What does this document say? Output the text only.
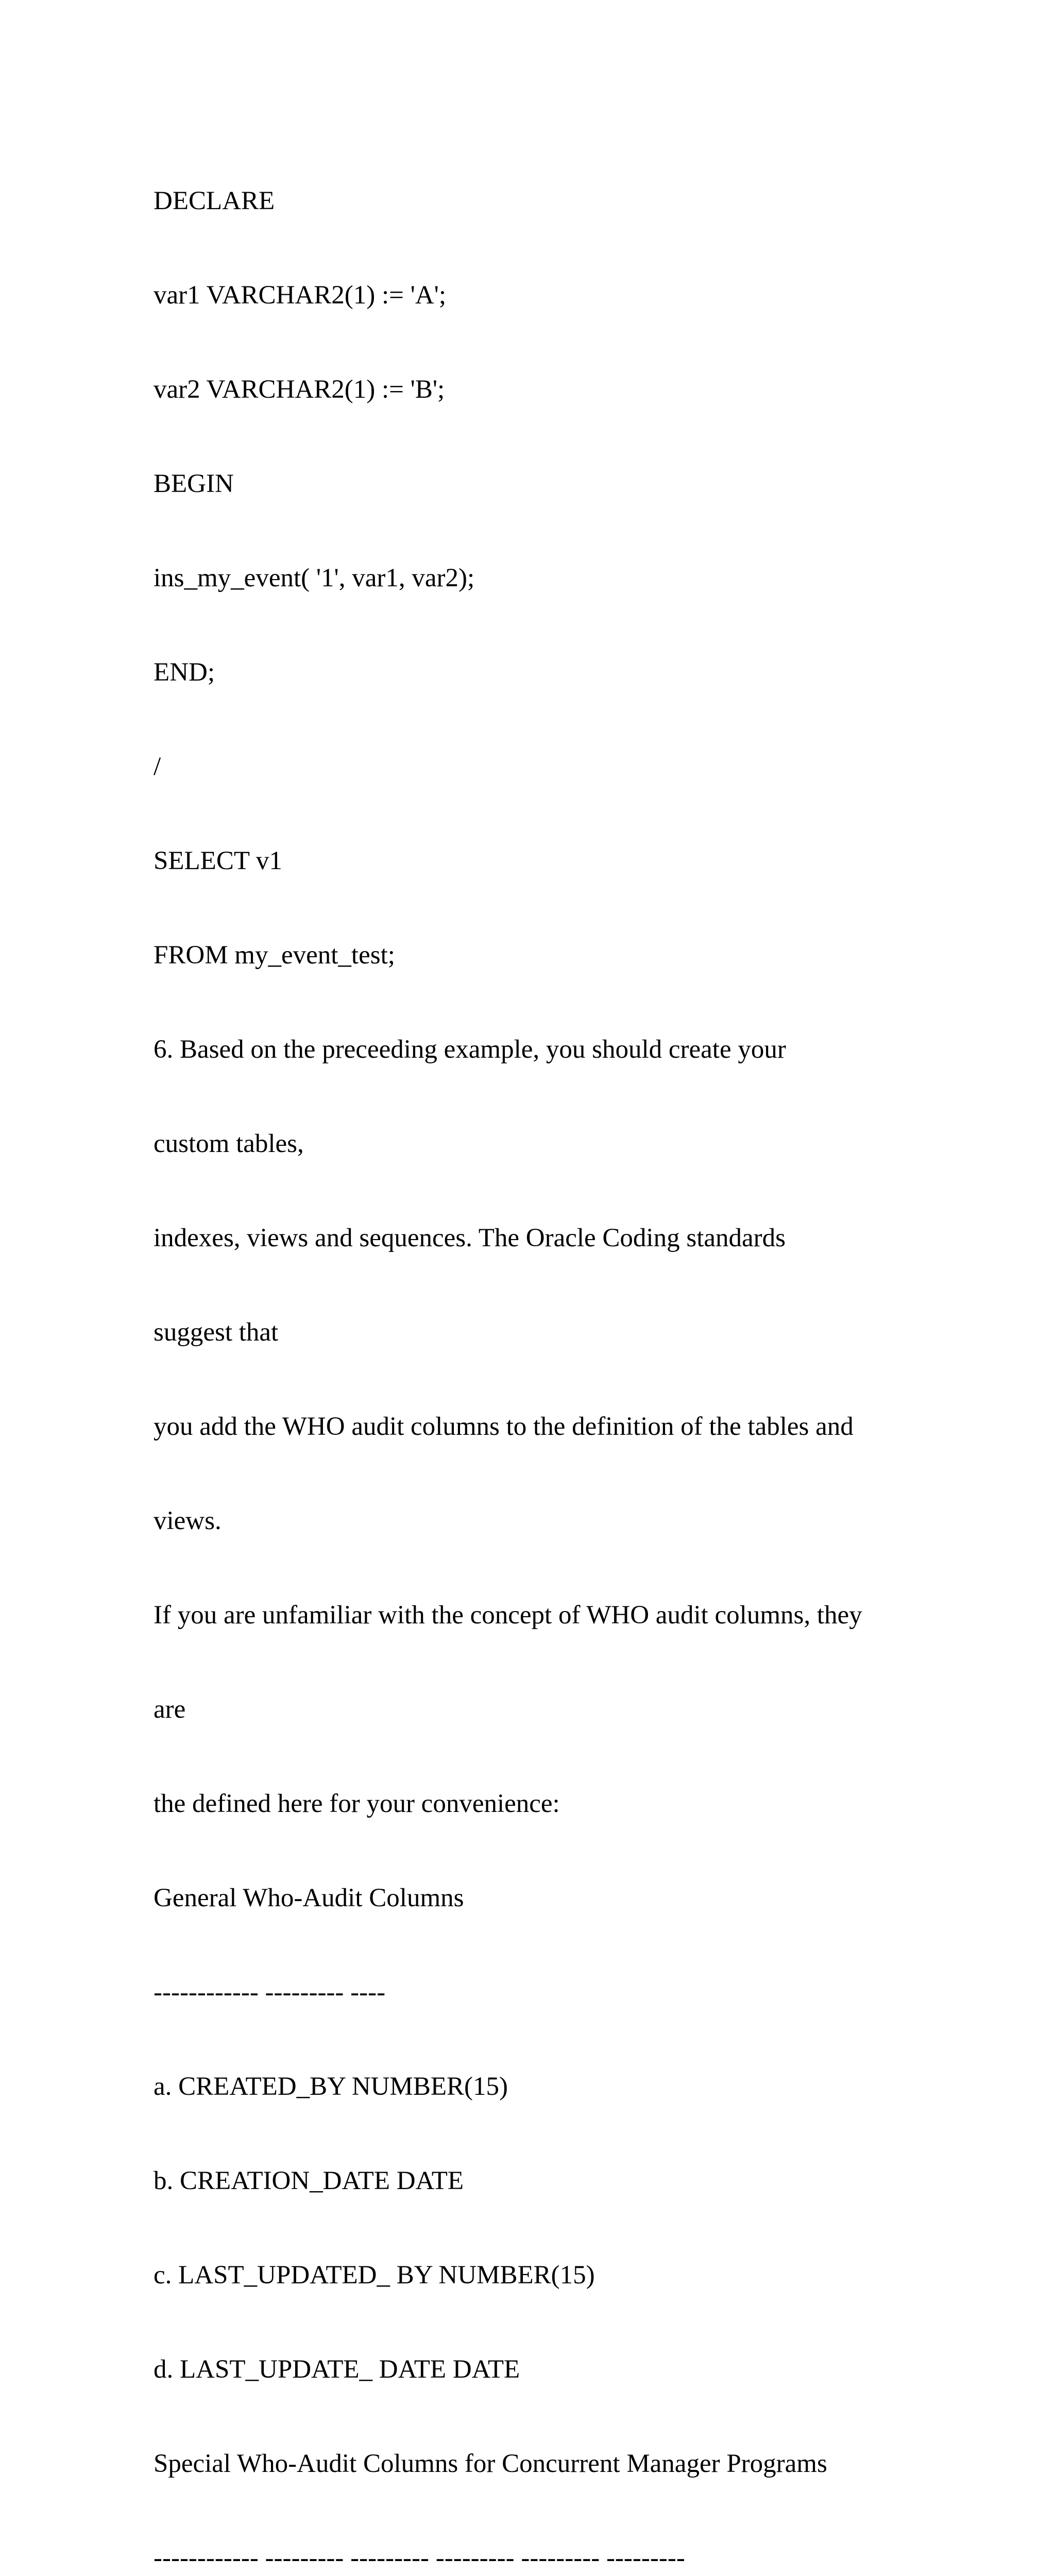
DECLARE

var1 VARCHAR2(1) := 'A';

var2 VARCHAR2(1) := 'B';

BEGIN

ins_my_event( '1', var1, var2);

END;

/

SELECT v1

FROM my_event_test;

6. Based on the preceeding example, you should create your

custom tables,

indexes, views and sequences. The Oracle Coding standards

suggest that

you add the WHO audit columns to the definition of the tables and

views.

If you are unfamiliar with the concept of WHO audit columns, they

are

the defined here for your convenience:

General Who-Audit Columns

------------ --------- ----

a. CREATED_BY NUMBER(15)

b. CREATION_DATE DATE

c. LAST_UPDATED_ BY NUMBER(15)

d. LAST_UPDATE_ DATE DATE

Special Who-Audit Columns for Concurrent Manager Programs

------------ --------- --------- --------- --------- ---------
